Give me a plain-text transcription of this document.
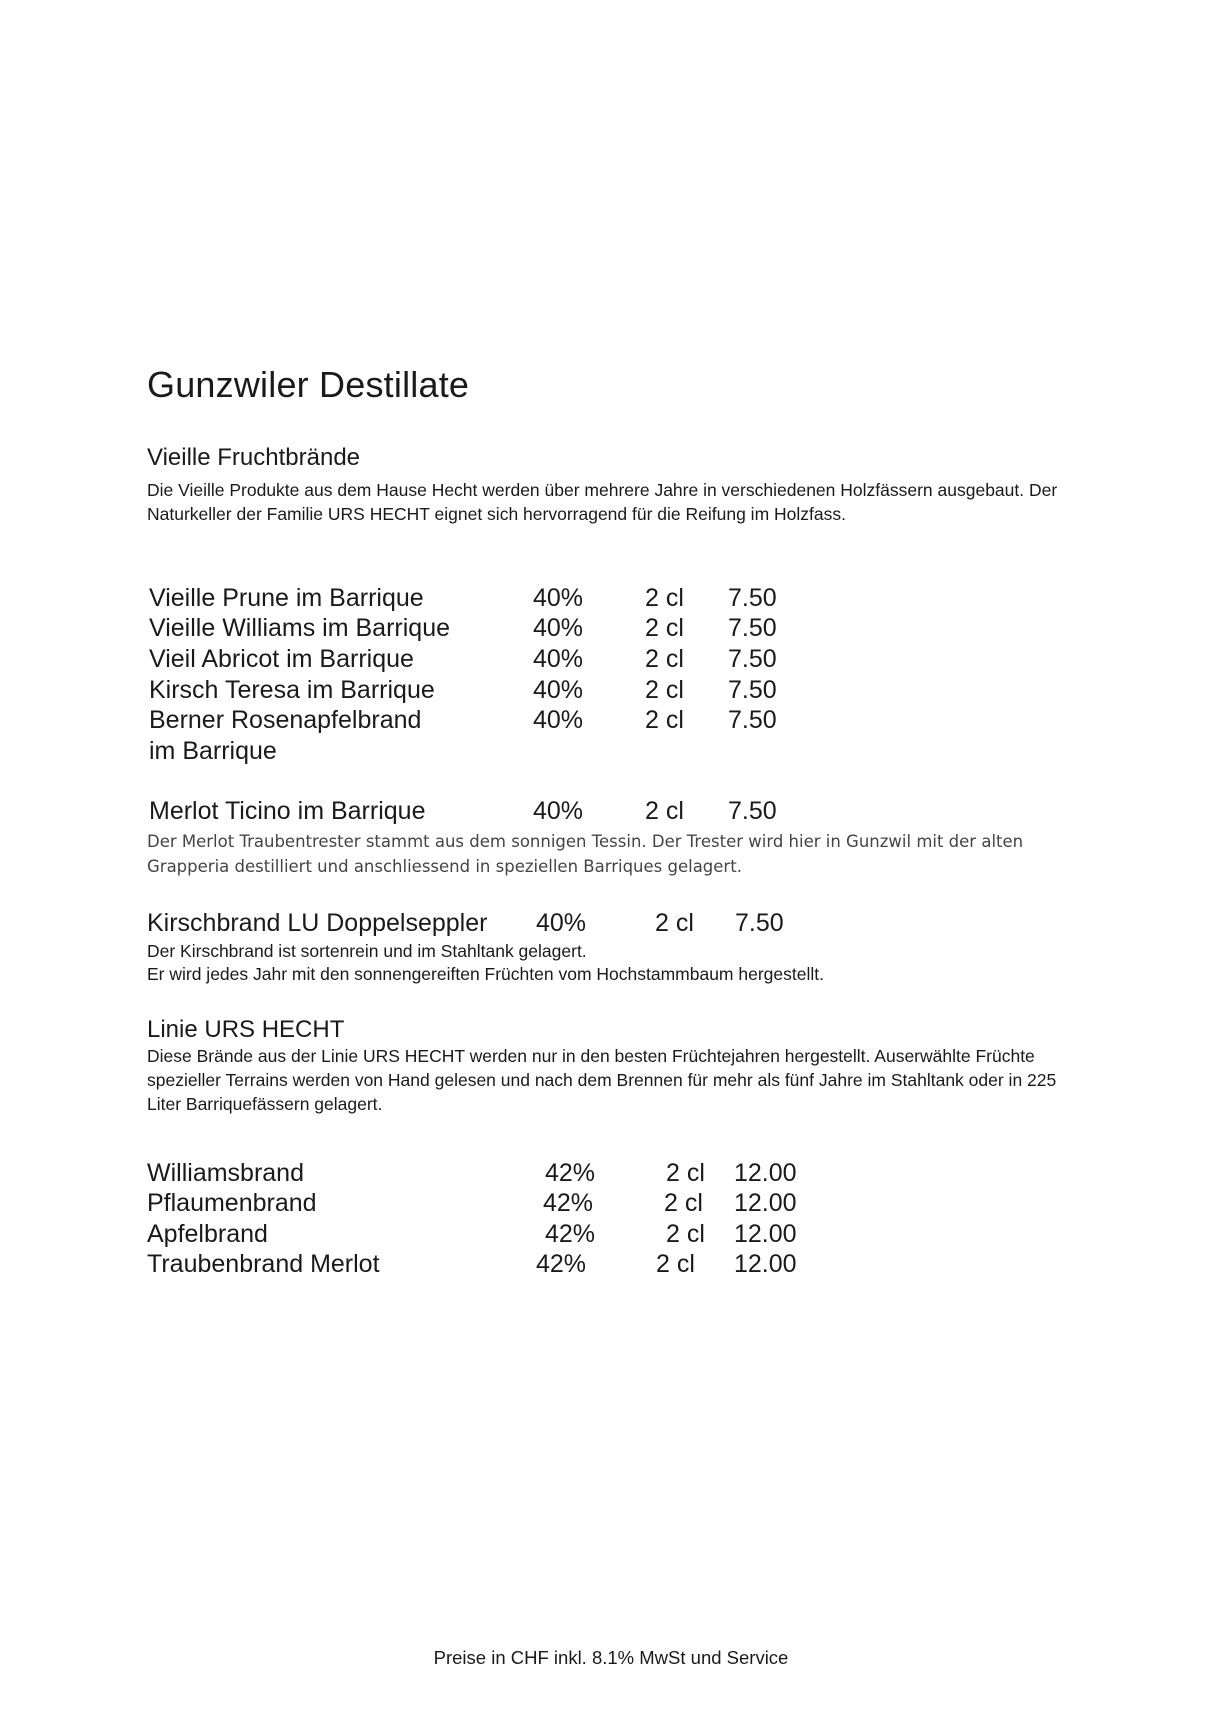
Gunzwiler Destillate
Vieille Fruchtbrände
Die Vieille Produkte aus dem Hause Hecht werden über mehrere Jahre in verschiedenen Holzfässern ausgebaut. Der Naturkeller der Familie URS HECHT eignet sich hervorragend für die Reifung im Holzfass.
Vieille Prune im Barrique	40% 2 cl 7.50
Vieille Williams im Barrique	40% 2 cl 7.50
Vieil Abricot im Barrique	40% 2 cl 7.50
Kirsch Teresa im Barrique	40% 2 cl 7.50
Berner Rosenapfelbrand	40% 2 cl 7.50
im Barrique
Merlot Ticino im Barrique	40% 2 cl 7.50
Der Merlot Traubentrester stammt aus dem sonnigen Tessin. Der Trester wird hier in Gunzwil mit der alten Grapperia destilliert und anschliessend in speziellen Barriques gelagert.
Kirschbrand LU Doppelseppler 40%	2 cl 7.50
Der Kirschbrand ist sortenrein und im Stahltank gelagert.
Er wird jedes Jahr mit den sonnengereiften Früchten vom Hochstammbaum hergestellt.
Linie URS HECHT
Diese Brände aus der Linie URS HECHT werden nur in den besten Früchtejahren hergestellt. Auserwählte Früchte spezieller Terrains werden von Hand gelesen und nach dem Brennen für mehr als fünf Jahre im Stahltank oder in 225 Liter Barriquefässern gelagert.
Williamsbrand	42%	2 cl 12.00
Pflaumenbrand	42%	2 cl 12.00
Apfelbrand	42%	2 cl 12.00
Traubenbrand Merlot	42%	2 cl 12.00
Preise in CHF inkl. 8.1% MwSt und Service
